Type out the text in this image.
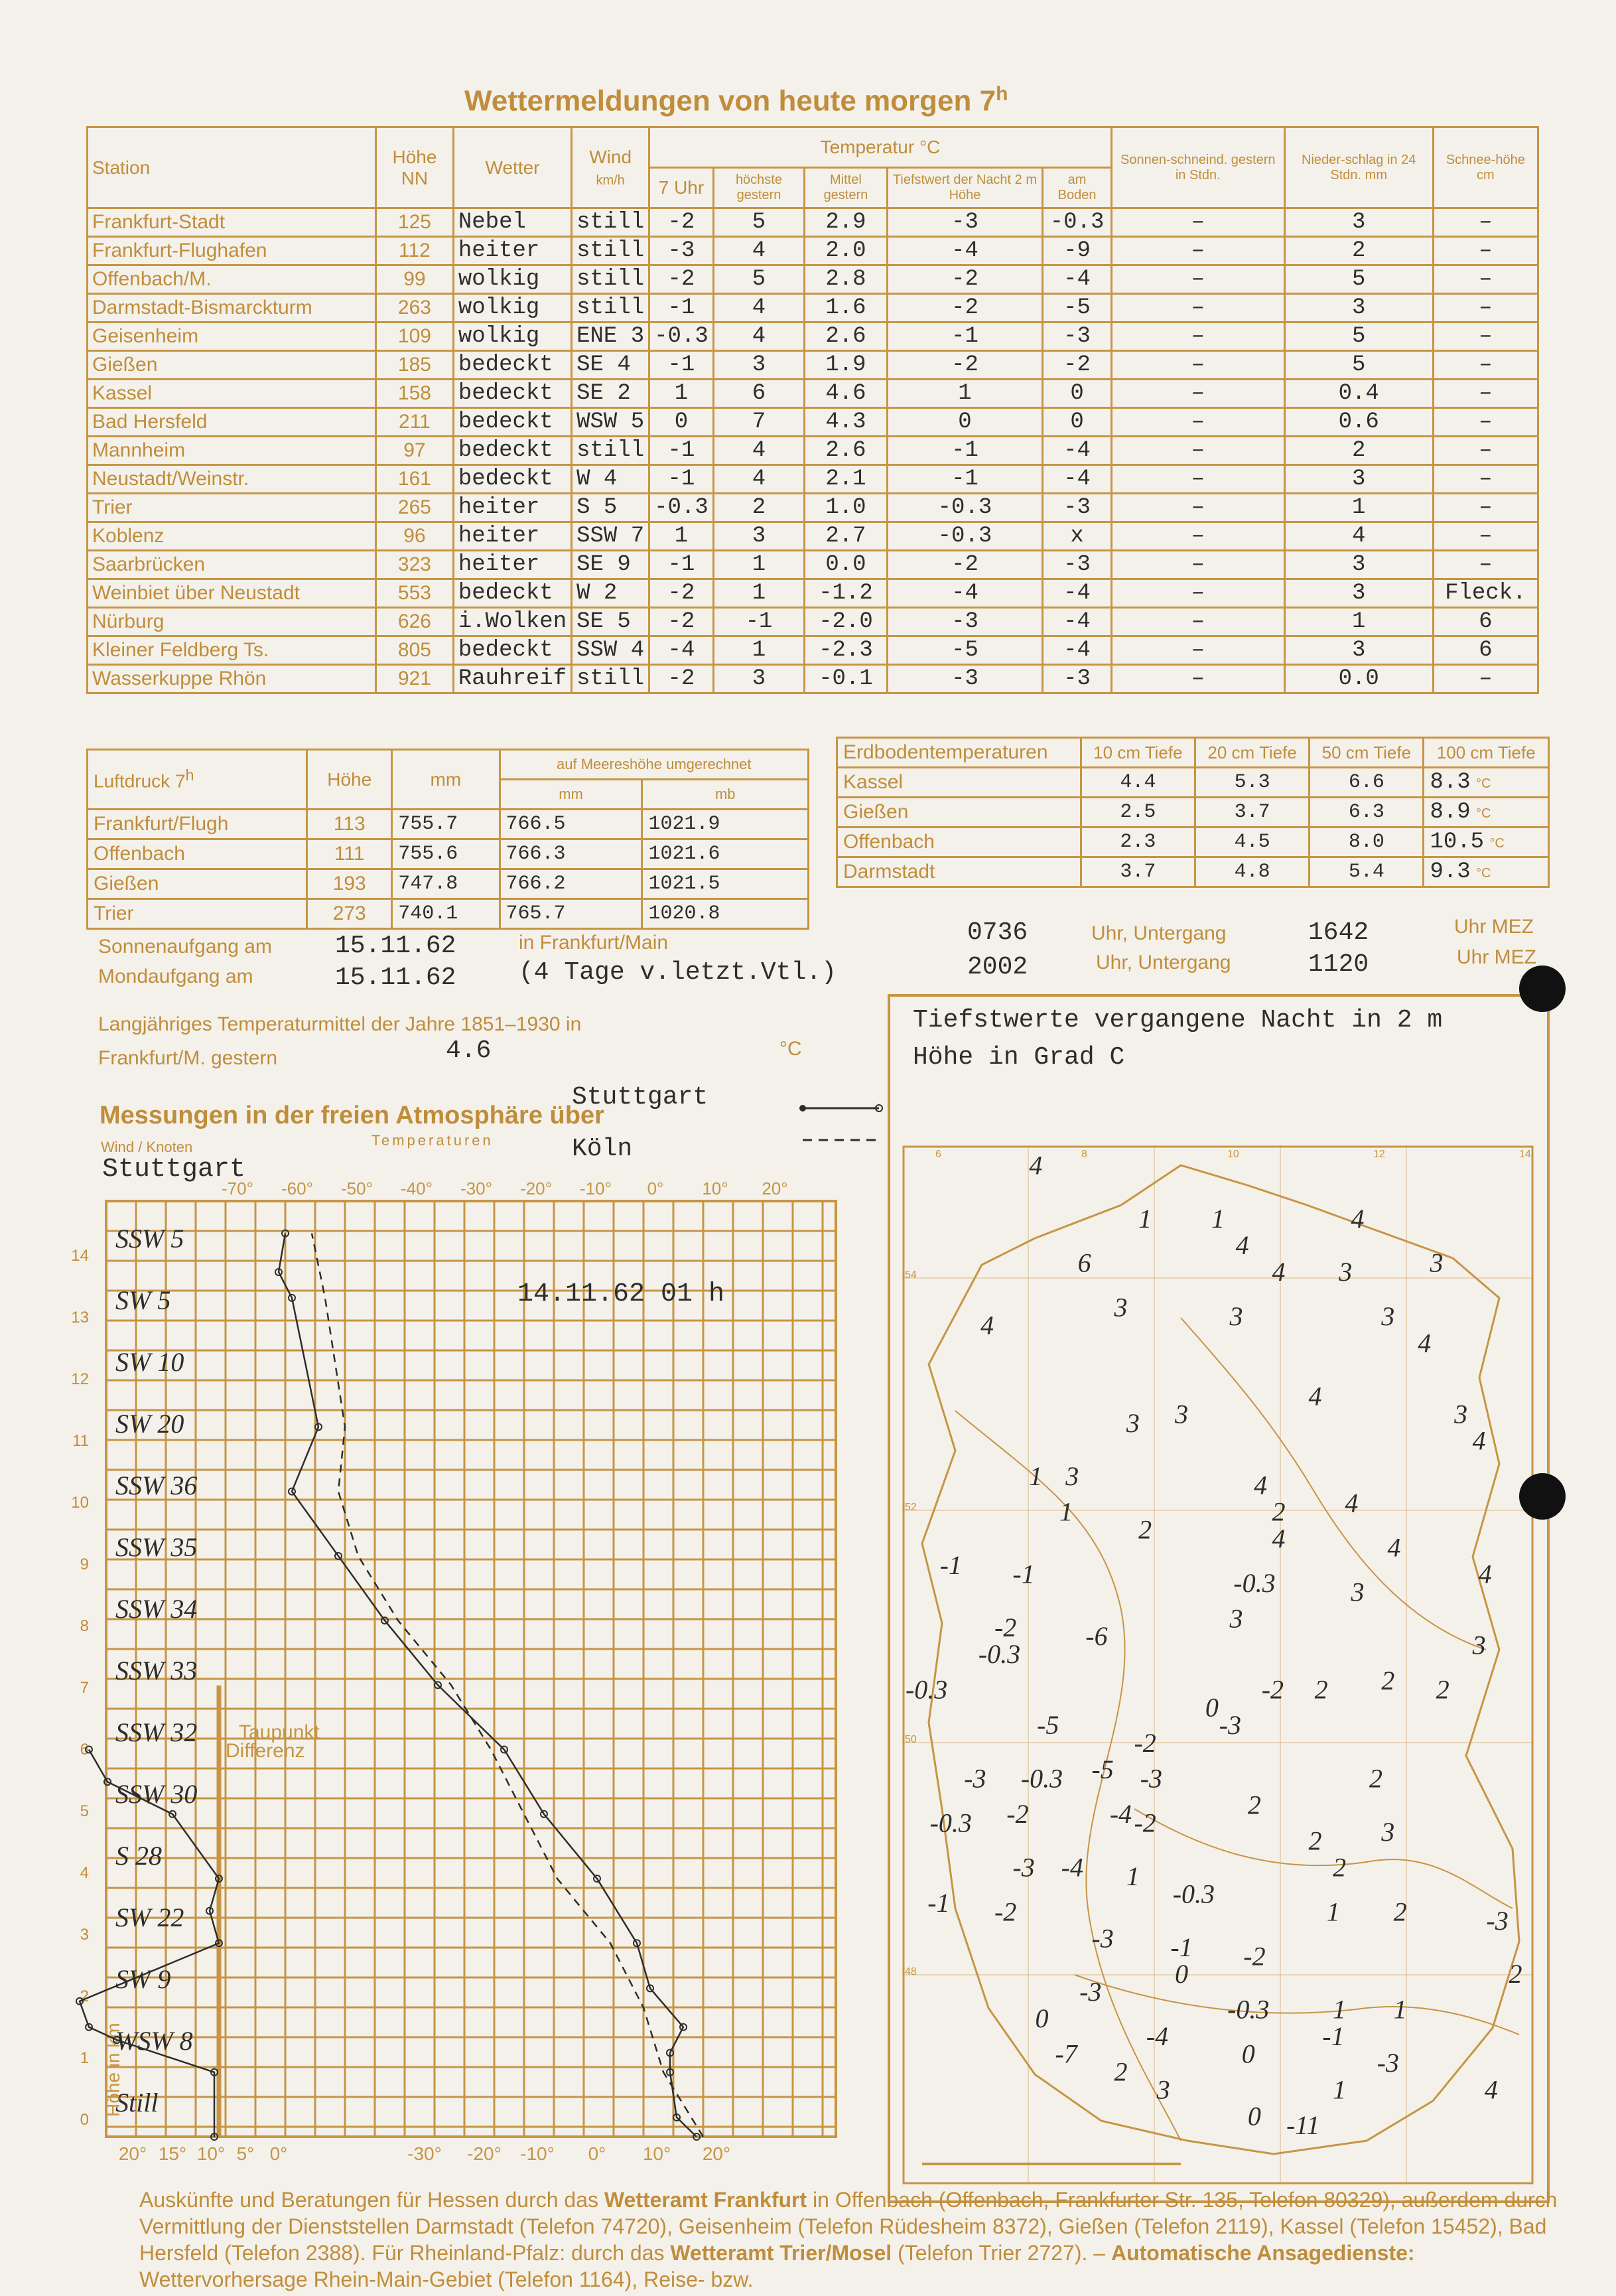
Wettermeldungen von heute morgen 7$^h$
Station	Höhe NN	Wetter	Wind
km/h	Temperatur °C					Sonnen-schneind. gestern in Stdn.	Nieder-schlag in 24 Stdn. mm	Schnee-höhe cm
				7 Uhr	höchste gestern	Mittel gestern	Tiefstwert der Nacht 2 m Höhe	am Boden			
Frankfurt-Stadt	125	Nebel	still	-2	5	2.9	-3	-0.3	–	3	–
Frankfurt-Flughafen	112	heiter	still	-3	4	2.0	-4	-9	–	2	–
Offenbach/M.	99	wolkig	still	-2	5	2.8	-2	-4	–	5	–
Darmstadt-Bismarckturm	263	wolkig	still	-1	4	1.6	-2	-5	–	3	–
Geisenheim	109	wolkig	ENE 3	-0.3	4	2.6	-1	-3	–	5	–
Gießen	185	bedeckt	SE 4	-1	3	1.9	-2	-2	–	5	–
Kassel	158	bedeckt	SE 2	1	6	4.6	1	0	–	0.4	–
Bad Hersfeld	211	bedeckt	WSW 5	0	7	4.3	0	0	–	0.6	–
Mannheim	97	bedeckt	still	-1	4	2.6	-1	-4	–	2	–
Neustadt/Weinstr.	161	bedeckt	W 4	-1	4	2.1	-1	-4	–	3	–
Trier	265	heiter	S 5	-0.3	2	1.0	-0.3	-3	–	1	–
Koblenz	96	heiter	SSW 7	1	3	2.7	-0.3	x	–	4	–
Saarbrücken	323	heiter	SE 9	-1	1	0.0	-2	-3	–	3	–
Weinbiet über Neustadt	553	bedeckt	W 2	-2	1	-1.2	-4	-4	–	3	Fleck.
Nürburg	626	i.Wolken	SE 5	-2	-1	-2.0	-3	-4	–	1	6
Kleiner Feldberg Ts.	805	bedeckt	SSW 4	-4	1	-2.3	-5	-4	–	3	6
Wasserkuppe Rhön	921	Rauhreif	still	-2	3	-0.1	-3	-3	–	0.0	–
Luftdruck 7$^h$	Höhe	mm	auf Meereshöhe umgerechnet	
			mm	mb
Frankfurt/Flugh	113	755.7	766.5	1021.9
Offenbach	111	755.6	766.3	1021.6
Gießen	193	747.8	766.2	1021.5
Trier	273	740.1	765.7	1020.8
Erdbodentemperaturen	10 cm Tiefe	20 cm Tiefe	50 cm Tiefe	100 cm Tiefe
Kassel	4.4	5.3	6.6	8.3 °C
Gießen	2.5	3.7	6.3	8.9 °C
Offenbach	2.3	4.5	8.0	10.5 °C
Darmstadt	3.7	4.8	5.4	9.3 °C
Sonnenaufgang am	15.11.62	in Frankfurt/Main	0736	Uhr, Untergang	1642	Uhr MEZ
Mondaufgang am	15.11.62 (4 Tage v.letzt.Vtl.)	2002	Uhr, Untergang	1120	Uhr MEZ
Langjähriges Temperaturmittel der Jahre 1851–1930 in
Frankfurt/M. gestern	4.6	°C
Messungen in der freien Atmosphäre über
Stuttgart
Köln
Wind / Knoten	Temperaturen
Stuttgart
-70° -60° -50° -40° -30° -20° -10° 0° 10° 20°
14
13
12
11
10
9
8
7
6
5
4
3
2
1
0
20° 15° 10° 5° 0°	-30° -20° -10° 0° 10° 20°
SSW 5
SW 5
SW 10
SW 20
SSW 36
SSW 35
SSW 34
SSW 33
SSW 32
SSW 30
S 28
SW 22
SW 9
WSW 8
Still
14.11.62 01 h
Taupunkt
Differenz
Höhe in km
Tiefstwerte vergangene Nacht in 2 m Höhe in Grad C
6	8	10	12	14
54
52
50
48
4
1 1
4
4
6	4 3	3
3
4	3	3
4
4
3 3	3
4
1 3	4
4
2
1
2	4	4
-1 -1	-0.3	3
4
-2	-6
3
-0.3	3
-0.3	-2 2 2 2
0
-3
-5
-2
-3 -0.3 -5 -3
2
2
-0.3 -2	-4 -2
2 3
-3 -4 1	2
-1 -2
-0.3
1 2	-3
-3 -1 -2
0	2
-3
-0.3 1 1
0
-4	-1
-7	0	-3
2
3	1	4
0 -11
Auskünfte und Beratungen für Hessen durch das Wetteramt Frankfurt in Offenbach (Offenbach, Frankfurter Str. 135, Telefon 80329), außerdem durch Vermittlung der Dienststellen Darmstadt (Telefon 74720), Geisenheim (Telefon Rüdesheim 8372), Gießen (Telefon 2119), Kassel (Telefon 15452), Bad Hersfeld (Telefon 2388). Für Rheinland-Pfalz: durch das Wetteramt Trier/Mosel (Telefon Trier 2727). – Automatische Ansagedienste: Wettervorhersage Rhein-Main-Gebiet (Telefon 1164), Reise- bzw.
